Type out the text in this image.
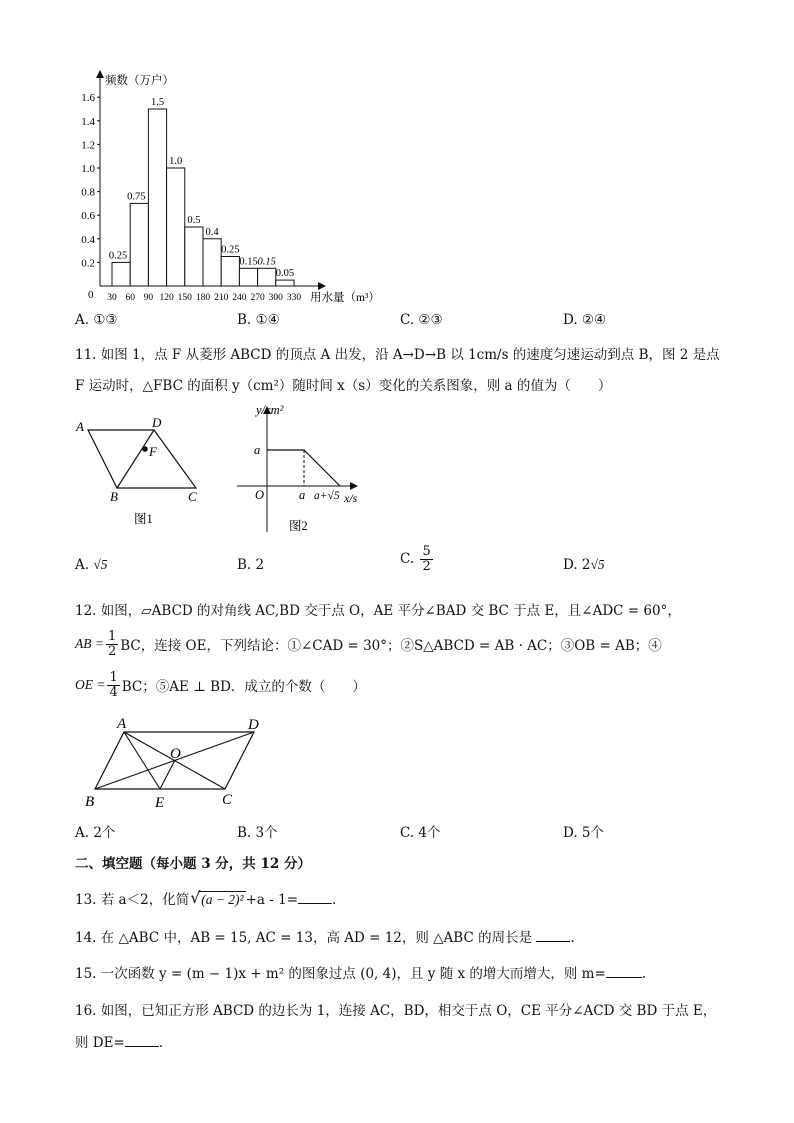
0.25
0.75
1.5
1.0
0.5
0.4
0.25
0.15 0.15
0.05
1.6
1.4
1.2
1.0
0.8
0.6
0.4
0.2
30 60 90 120 150 180 210 240 270 300 330
频数（万户）
用水量（m³）
0
A. ①③	B. ①④	C. ②③	D. ②④
11. 如图 1，点 F 从菱形 ABCD 的顶点 A 出发，沿 A→D→B 以 1cm/s 的速度匀速运动到点 B，图 2 是点
F 运动时，△FBC 的面积 y（cm²）随时间 x（s）变化的关系图象，则 a 的值为（　　）
A	D
F
B	C
图1
y/cm²
x/s
a
O	a a+√5
图2
A. √5	B. 2	C. $\frac{5}{2}$	D. 2√5
12. 如图，▱ABCD 的对角线 AC,BD 交于点 O，AE 平分∠BAD 交 BC 于点 E，且∠ADC = 60°，
AB = $\frac{1}{2}$ BC，连接 OE，下列结论：①∠CAD = 30°；②S△ABCD = AB · AC；③OB = AB；④
OE = $\frac{1}{4}$ BC；⑤AE ⊥ BD．成立的个数（　　）
A	D
O
B	E	C
A. 2个	B. 3个	C. 4个	D. 5个
二、填空题（每小题 3 分，共 12 分）
13. 若 a＜2，化简 √ (a − 2)² +a - 1=	.
14. 在 △ABC 中，AB = 15, AC = 13，高 AD = 12，则 △ABC 的周长是	.
15. 一次函数 y = (m − 1)x + m² 的图象过点 (0, 4)，且 y 随 x 的增大而增大，则 m=	.
16. 如图，已知正方形 ABCD 的边长为 1，连接 AC，BD，相交于点 O，CE 平分∠ACD 交 BD 于点 E，
则 DE=	.
